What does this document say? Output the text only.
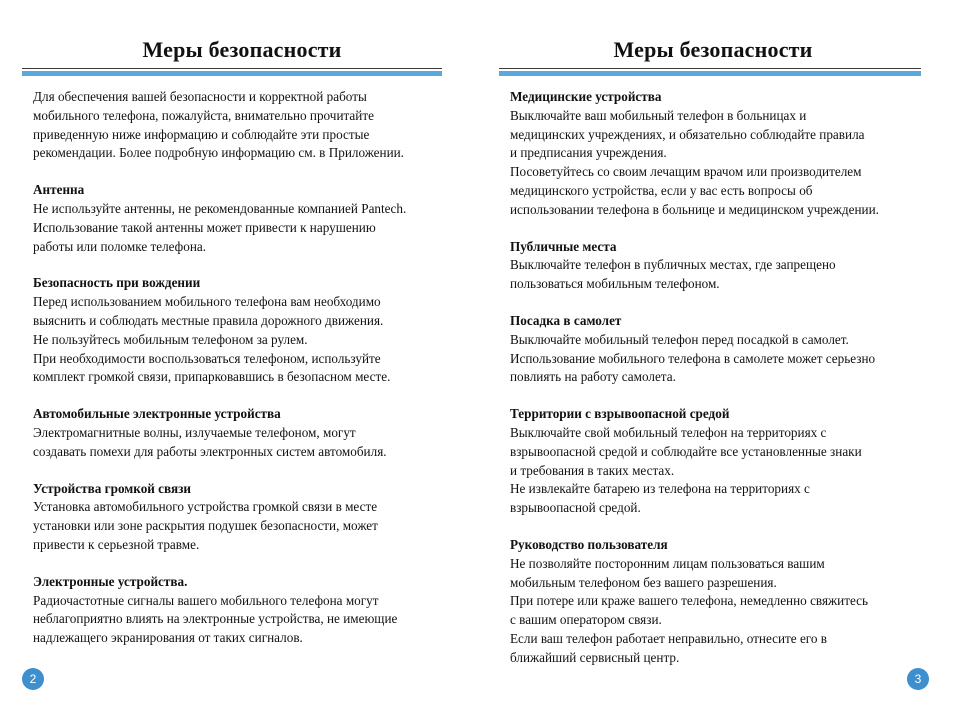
Меры безопасности

Для обеспечения вашей безопасности и корректной работы
мобильного телефона, пожалуйста, внимательно прочитайте
приведенную ниже информацию и соблюдайте эти простые
рекомендации. Более подробную информацию см. в Приложении.

Антенна
Не используйте антенны, не рекомендованные компанией Pantech.
Использование такой антенны может привести к нарушению
работы или поломке телефона.
Безопасность при вождении
Перед использованием мобильного телефона вам необходимо
выяснить и соблюдать местные правила дорожного движения.
Не пользуйтесь мобильным телефоном за рулем.
При необходимости воспользоваться телефоном, используйте
комплект громкой связи, припарковавшись в безопасном месте.
Автомобильные электронные устройства
Электромагнитные волны, излучаемые телефоном, могут
создавать помехи для работы электронных систем автомобиля.
Устройства громкой связи
Установка автомобильного устройства громкой связи в месте
установки или зоне раскрытия подушек безопасности, может
привести к серьезной травме.
Электронные устройства.
Радиочастотные сигналы вашего мобильного телефона могут
неблагоприятно влиять на электронные устройства, не имеющие
надлежащего экранирования от таких сигналов.
2
Меры безопасности
Медицинские устройства
Выключайте ваш мобильный телефон в больницах и
медицинских учреждениях, и обязательно соблюдайте правила
и предписания учреждения.
Посоветуйтесь со своим лечащим врачом или производителем
медицинского устройства, если у вас есть вопросы об
использовании телефона в больнице и медицинском учреждении.
Публичные места
Выключайте телефон в публичных местах, где запрещено
пользоваться мобильным телефоном.
Посадка в самолет
Выключайте мобильный телефон перед посадкой в самолет.
Использование мобильного телефона в самолете может серьезно
повлиять на работу самолета.
Территории с взрывоопасной средой
Выключайте свой мобильный телефон на территориях с
взрывоопасной средой и соблюдайте все установленные знаки
и требования в таких местах.
Не извлекайте батарею из телефона на территориях с
взрывоопасной средой.
Руководство пользователя
Не позволяйте посторонним лицам пользоваться вашим
мобильным телефоном без вашего разрешения.
При потере или краже вашего телефона, немедленно свяжитесь
с вашим оператором связи.
Если ваш телефон работает неправильно, отнесите его в
ближайший сервисный центр.
3
